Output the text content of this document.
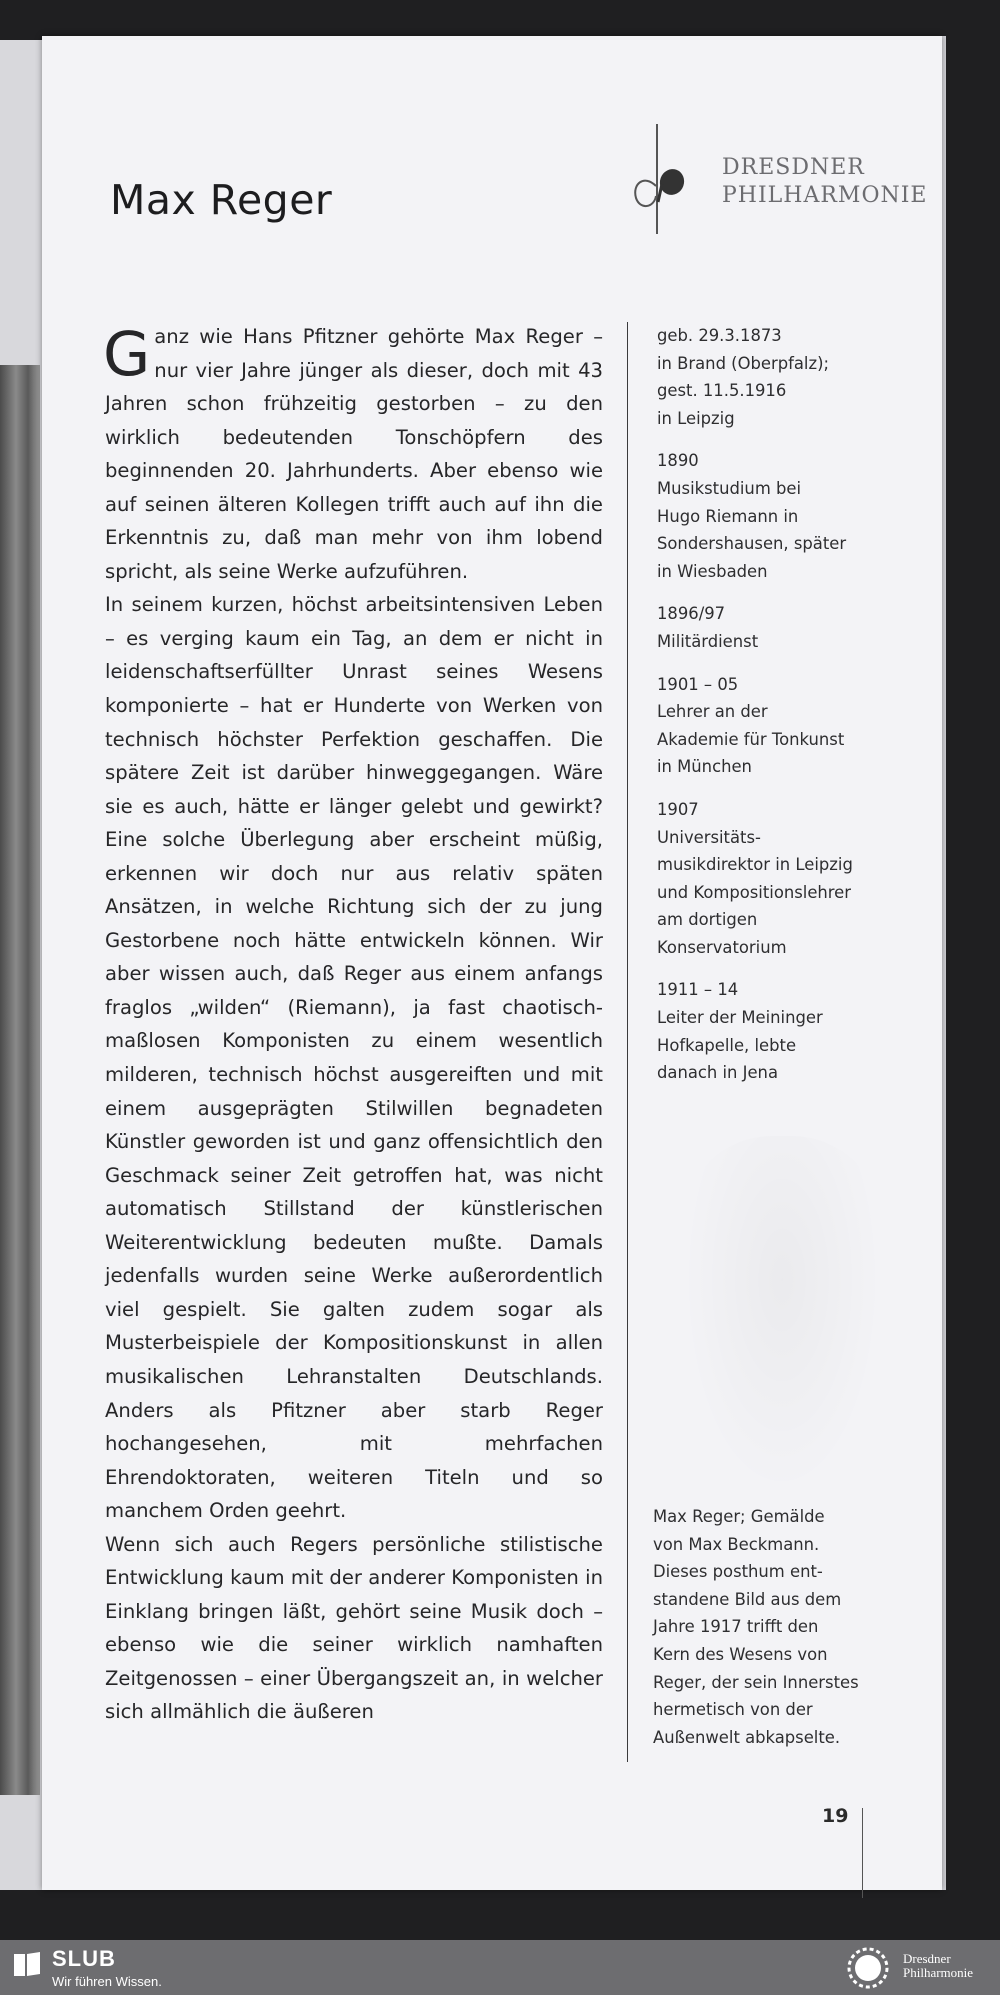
DRESDNER
PHILHARMONIE
Max Reger
G anz wie Hans Pfitzner gehörte Max Reger – nur vier Jahre jünger als dieser, doch mit 43 Jahren schon frühzeitig gestorben – zu den wirklich bedeutenden Tonschöpfern des beginnenden 20. Jahrhunderts. Aber ebenso wie auf seinen älteren Kollegen trifft auch auf ihn die Erkenntnis zu, daß man mehr von ihm lobend spricht, als seine Werke aufzuführen.

In seinem kurzen, höchst arbeitsintensiven Leben – es verging kaum ein Tag, an dem er nicht in leidenschaftserfüllter Unrast seines Wesens komponierte – hat er Hunderte von Werken von technisch höchster Perfektion geschaffen. Die spätere Zeit ist darüber hinweggegangen. Wäre sie es auch, hätte er länger gelebt und gewirkt? Eine solche Überlegung aber erscheint müßig, erkennen wir doch nur aus relativ späten Ansätzen, in welche Richtung sich der zu jung Gestorbene noch hätte entwickeln können. Wir aber wissen auch, daß Reger aus einem anfangs fraglos „wilden“ (Riemann), ja fast chaotisch-maßlosen Komponisten zu einem wesentlich milderen, technisch höchst ausgereiften und mit einem ausgeprägten Stilwillen begnadeten Künstler geworden ist und ganz offensichtlich den Geschmack seiner Zeit getroffen hat, was nicht automatisch Stillstand der künstlerischen Weiterentwicklung bedeuten mußte. Damals jedenfalls wurden seine Werke außerordentlich viel gespielt. Sie galten zudem sogar als Musterbeispiele der Kompositionskunst in allen musikalischen Lehranstalten Deutschlands. Anders als Pfitzner aber starb Reger hochangesehen, mit mehrfachen Ehrendoktoraten, weiteren Titeln und so manchem Orden geehrt.

Wenn sich auch Regers persönliche stilistische Entwicklung kaum mit der anderer Komponisten in Einklang bringen läßt, gehört seine Musik doch – ebenso wie die seiner wirklich namhaften Zeitgenossen – einer Übergangszeit an, in welcher sich allmählich die äußeren

geb. 29.3.1873
in Brand (Oberpfalz);
gest. 11.5.1916
in Leipzig
1890
Musikstudium bei
Hugo Riemann in
Sondershausen, später
in Wiesbaden
1896/97
Militärdienst
1901 – 05
Lehrer an der
Akademie für Tonkunst
in München
1907
Universitäts-
musikdirektor in Leipzig
und Kompositionslehrer
am dortigen
Konservatorium
1911 – 14
Leiter der Meininger
Hofkapelle, lebte
danach in Jena
Max Reger; Gemälde
von Max Beckmann.
Dieses posthum ent-
standene Bild aus dem
Jahre 1917 trifft den
Kern des Wesens von
Reger, der sein Innerstes
hermetisch von der
Außenwelt abkapselte.
19
SLUB
Wir führen Wissen.
Dresdner
Philharmonie
